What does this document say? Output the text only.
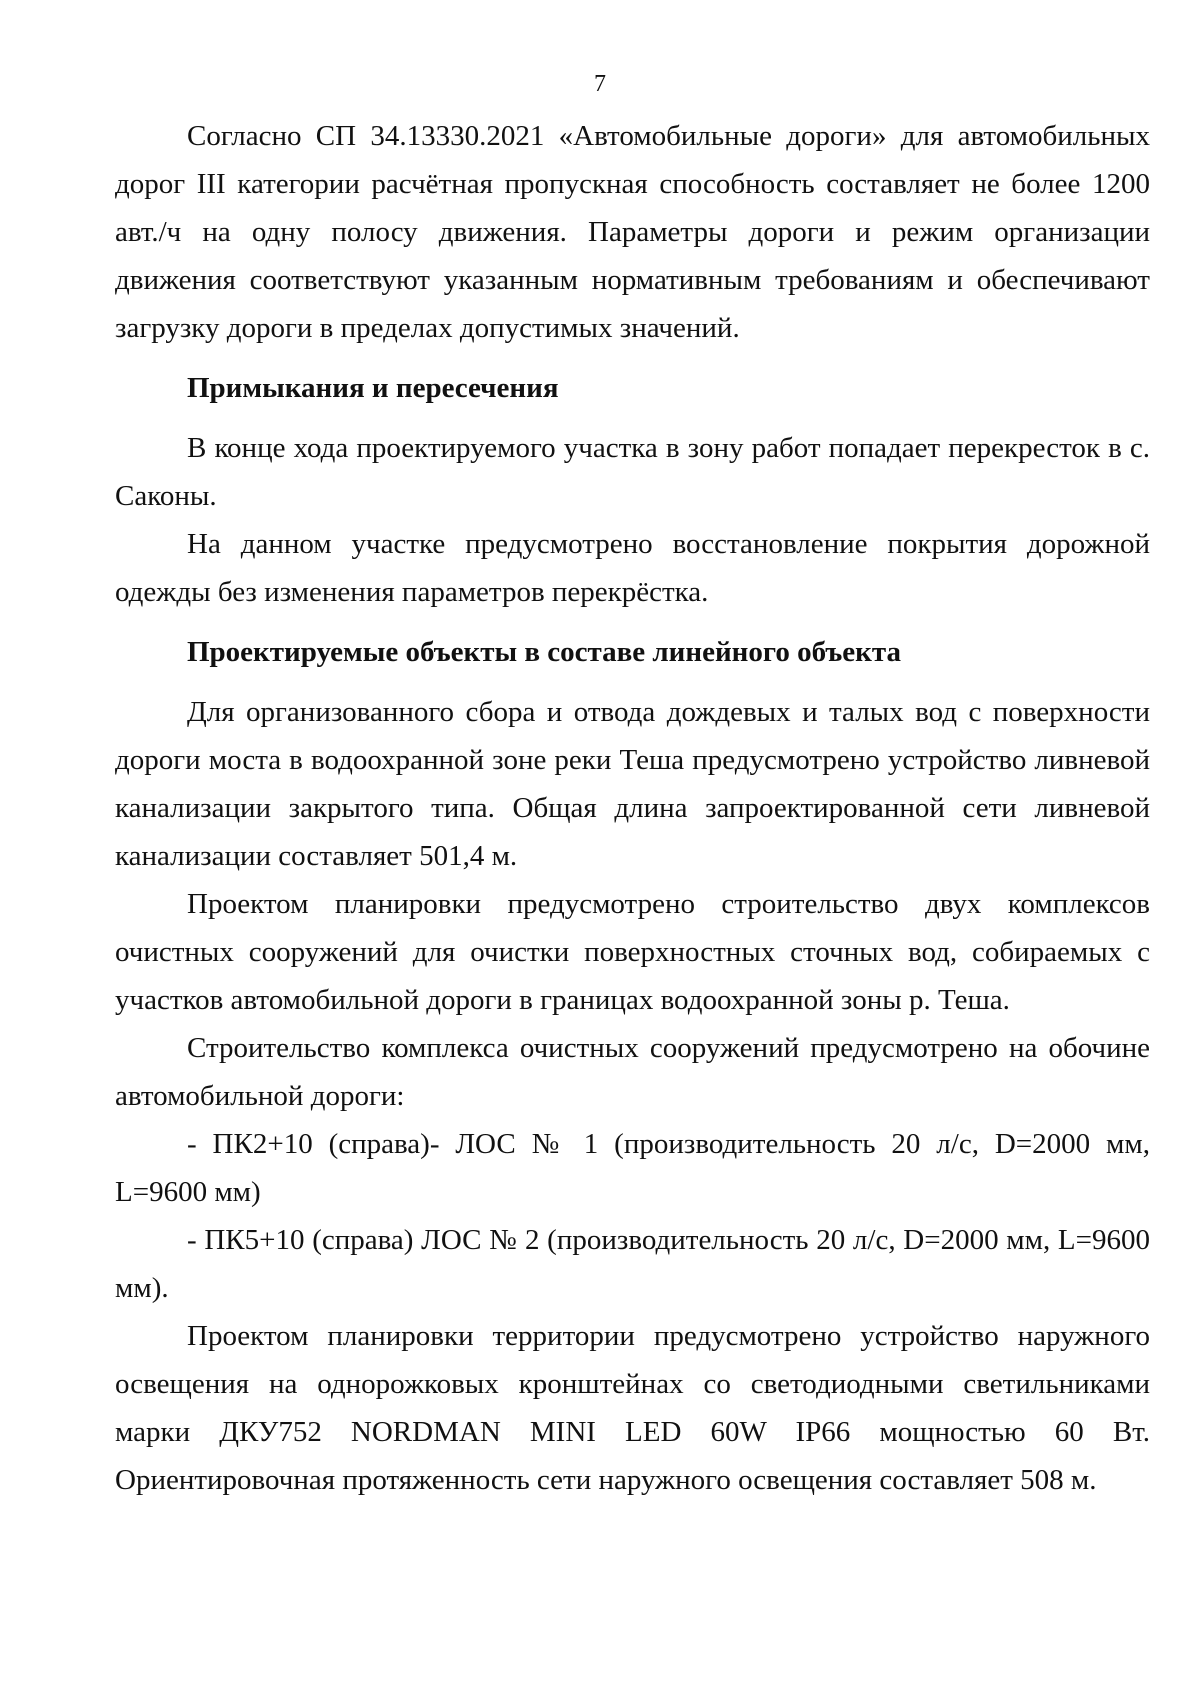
7

Согласно СП 34.13330.2021 «Автомобильные дороги» для автомобильных дорог III категории расчётная пропускная способность составляет не более 1200 авт./ч на одну полосу движения. Параметры дороги и режим организации движения соответствуют указанным нормативным требованиям и обеспечивают загрузку дороги в пределах допустимых значений.

Примыкания и пересечения

В конце хода проектируемого участка в зону работ попадает перекресток в с. Саконы.

На данном участке предусмотрено восстановление покрытия дорожной одежды без изменения параметров перекрёстка.

Проектируемые объекты в составе линейного объекта

Для организованного сбора и отвода дождевых и талых вод с поверхности дороги моста в водоохранной зоне реки Теша предусмотрено устройство ливневой канализации закрытого типа. Общая длина запроектированной сети ливневой канализации составляет 501,4 м.

Проектом планировки предусмотрено строительство двух комплексов очистных сооружений для очистки поверхностных сточных вод, собираемых с участков автомобильной дороги в границах водоохранной зоны р. Теша.

Строительство комплекса очистных сооружений предусмотрено на обочине автомобильной дороги:

- ПК2+10 (справа)- ЛОС № 1 (производительность 20 л/с, D=2000 мм, L=9600 мм)

- ПК5+10 (справа) ЛОС № 2 (производительность 20 л/с, D=2000 мм, L=9600 мм).

Проектом планировки территории предусмотрено устройство наружного освещения на однорожковых кронштейнах со светодиодными светильниками марки ДКУ752 NORDMAN MINI LED 60W IP66 мощностью 60 Вт. Ориентировочная протяженность сети наружного освещения составляет 508 м.
